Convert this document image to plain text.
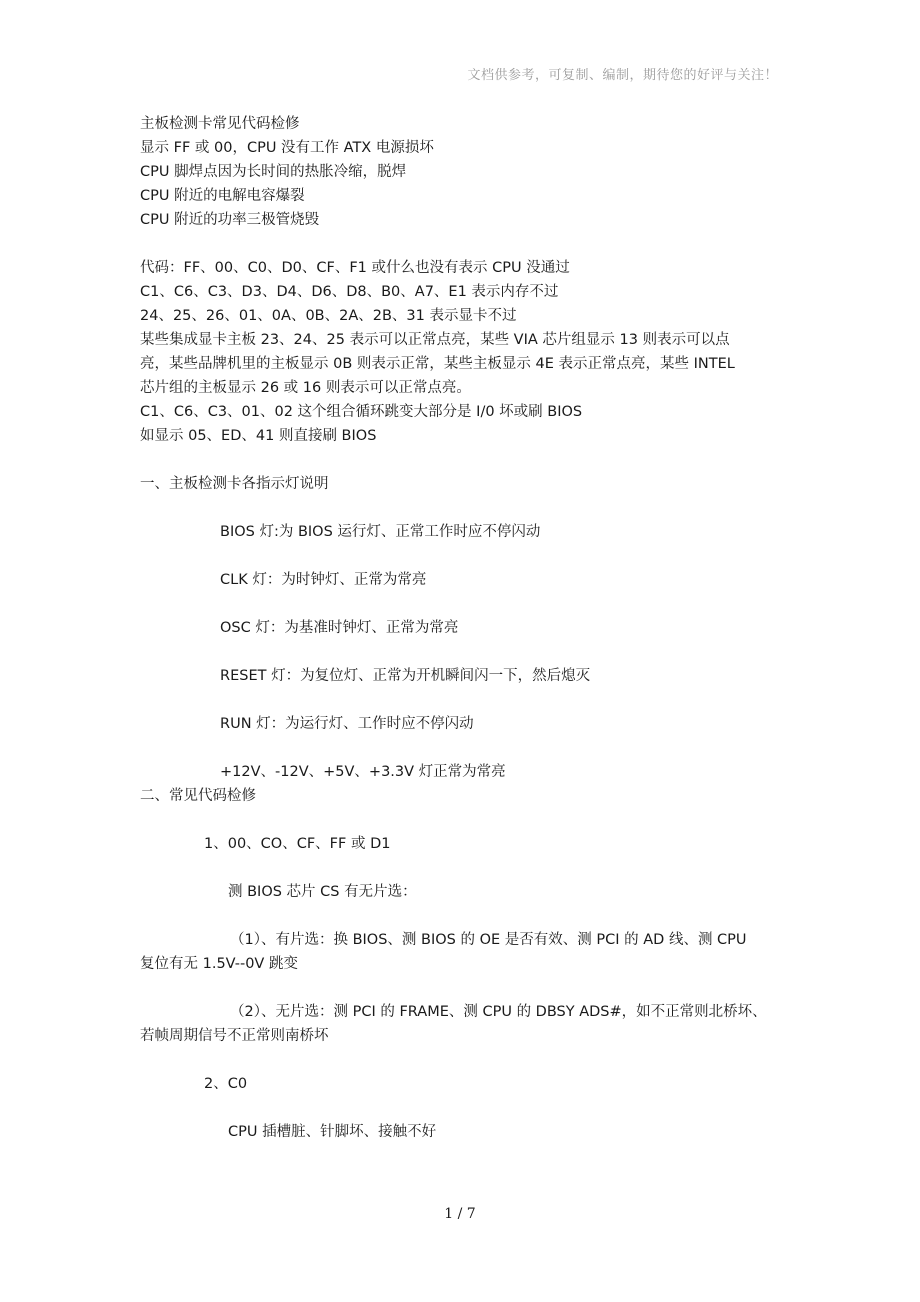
文档供参考，可复制、编制，期待您的好评与关注！
主板检测卡常见代码检修
显示 FF 或 00，CPU 没有工作 ATX 电源损坏
CPU 脚焊点因为长时间的热胀冷缩，脱焊
CPU 附近的电解电容爆裂
CPU 附近的功率三极管烧毁
代码：FF、00、C0、D0、CF、F1 或什么也没有表示 CPU 没通过
C1、C6、C3、D3、D4、D6、D8、B0、A7、E1 表示内存不过
24、25、26、01、0A、0B、2A、2B、31 表示显卡不过
某些集成显卡主板 23、24、25 表示可以正常点亮，某些 VIA 芯片组显示 13 则表示可以点
亮，某些品牌机里的主板显示 0B 则表示正常，某些主板显示 4E 表示正常点亮，某些 INTEL
芯片组的主板显示 26 或 16 则表示可以正常点亮。
C1、C6、C3、01、02 这个组合循环跳变大部分是 I/0 坏或刷 BIOS
如显示 05、ED、41 则直接刷 BIOS
一、主板检测卡各指示灯说明
BIOS 灯:为 BIOS 运行灯、正常工作时应不停闪动
CLK 灯：为时钟灯、正常为常亮
OSC 灯：为基准时钟灯、正常为常亮
RESET 灯：为复位灯、正常为开机瞬间闪一下，然后熄灭
RUN 灯：为运行灯、工作时应不停闪动
+12V、-12V、+5V、+3.3V 灯正常为常亮
二、常见代码检修
1、00、CO、CF、FF 或 D1
测 BIOS 芯片 CS 有无片选：
（1）、有片选：换 BIOS、测 BIOS 的 OE 是否有效、测 PCI 的 AD 线、测 CPU
复位有无 1.5V--0V 跳变
（2）、无片选：测 PCI 的 FRAME、测 CPU 的 DBSY ADS#，如不正常则北桥坏、
若帧周期信号不正常则南桥坏
2、C0
CPU 插槽脏、针脚坏、接触不好
1 / 7
